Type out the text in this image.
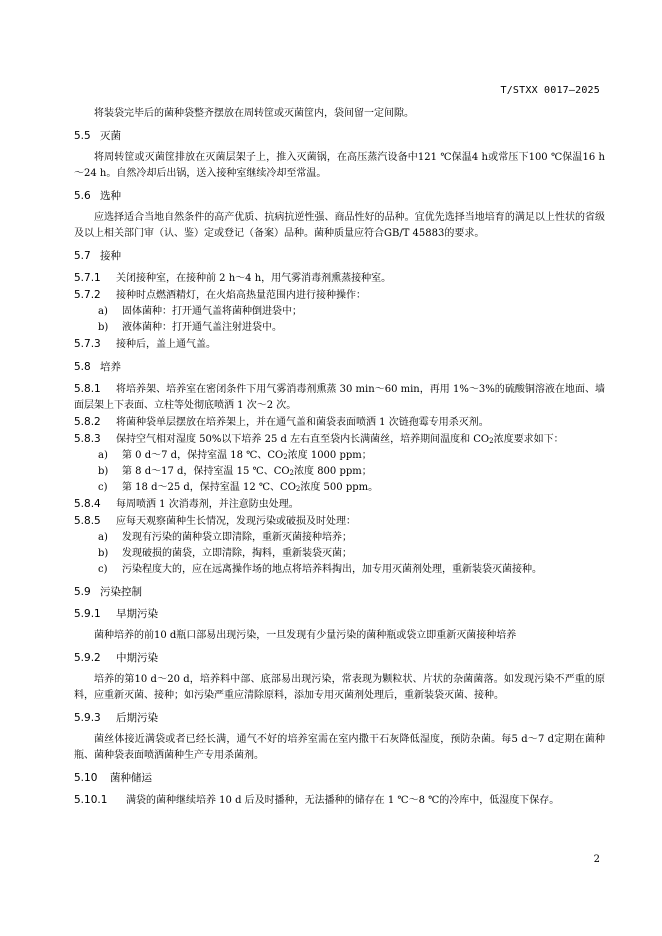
T/STXX 0017—2025

将装袋完毕后的菌种袋整齐摆放在周转筐或灭菌筐内，袋间留一定间隙。

5.5 灭菌

将周转筐或灭菌筐排放在灭菌层架子上，推入灭菌锅，在高压蒸汽设备中121 ℃保温4 h或常压下100 ℃保温16 h～24 h。自然冷却后出锅，送入接种室继续冷却至常温。

5.6 选种

应选择适合当地自然条件的高产优质、抗病抗逆性强、商品性好的品种。宜优先选择当地培育的满足以上性状的省级及以上相关部门审（认、鉴）定或登记（备案）品种。菌种质量应符合GB/T 45883的要求。

5.7 接种

5.7.1 关闭接种室，在接种前 2 h～4 h，用气雾消毒剂熏蒸接种室。

5.7.2 接种时点燃酒精灯，在火焰高热量范围内进行接种操作：

a) 固体菌种：打开通气盖将菌种倒进袋中；

b) 液体菌种：打开通气盖注射进袋中。

5.7.3 接种后，盖上通气盖。

5.8 培养

5.8.1 将培养架、培养室在密闭条件下用气雾消毒剂熏蒸 30 min～60 min，再用 1%～3%的硫酸铜溶液在地面、墙面层架上下表面、立柱等处彻底喷洒 1 次～2 次。

5.8.2 将菌种袋单层摆放在培养架上，并在通气盖和菌袋表面喷洒 1 次链孢霉专用杀灭剂。

5.8.3 保持空气相对湿度 50%以下培养 25 d 左右直至袋内长满菌丝，培养期间温度和 $CO_2$浓度要求如下：

a) 第 0 d～7 d，保持室温 18 ℃、$CO_2$浓度 1000 ppm；

b) 第 8 d～17 d，保持室温 15 ℃、$CO_2$浓度 800 ppm；

c) 第 18 d～25 d，保持室温 12 ℃、$CO_2$浓度 500 ppm。

5.8.4 每周喷洒 1 次消毒剂，并注意防虫处理。

5.8.5 应每天观察菌种生长情况，发现污染或破损及时处理：

a) 发现有污染的菌种袋立即清除，重新灭菌接种培养；

b) 发现破损的菌袋，立即清除，掏料，重新装袋灭菌；

c) 污染程度大的，应在远离操作场的地点将培养料掏出，加专用灭菌剂处理，重新装袋灭菌接种。

5.9 污染控制
5.9.1 早期污染

菌种培养的前10 d瓶口部易出现污染，一旦发现有少量污染的菌种瓶或袋立即重新灭菌接种培养

5.9.2 中期污染

培养的第10 d～20 d，培养料中部、底部易出现污染，常表现为颗粒状、片状的杂菌菌落。如发现污染不严重的原料，应重新灭菌、接种；如污染严重应清除原料，添加专用灭菌剂处理后，重新装袋灭菌、接种。

5.9.3 后期污染

菌丝体接近满袋或者已经长满，通气不好的培养室需在室内撒干石灰降低湿度，预防杂菌。每5 d～7 d定期在菌种瓶、菌种袋表面喷洒菌种生产专用杀菌剂。

5.10 菌种储运

5.10.1 满袋的菌种继续培养 10 d 后及时播种，无法播种的储存在 1 ℃～8 ℃的冷库中，低湿度下保存。

2
